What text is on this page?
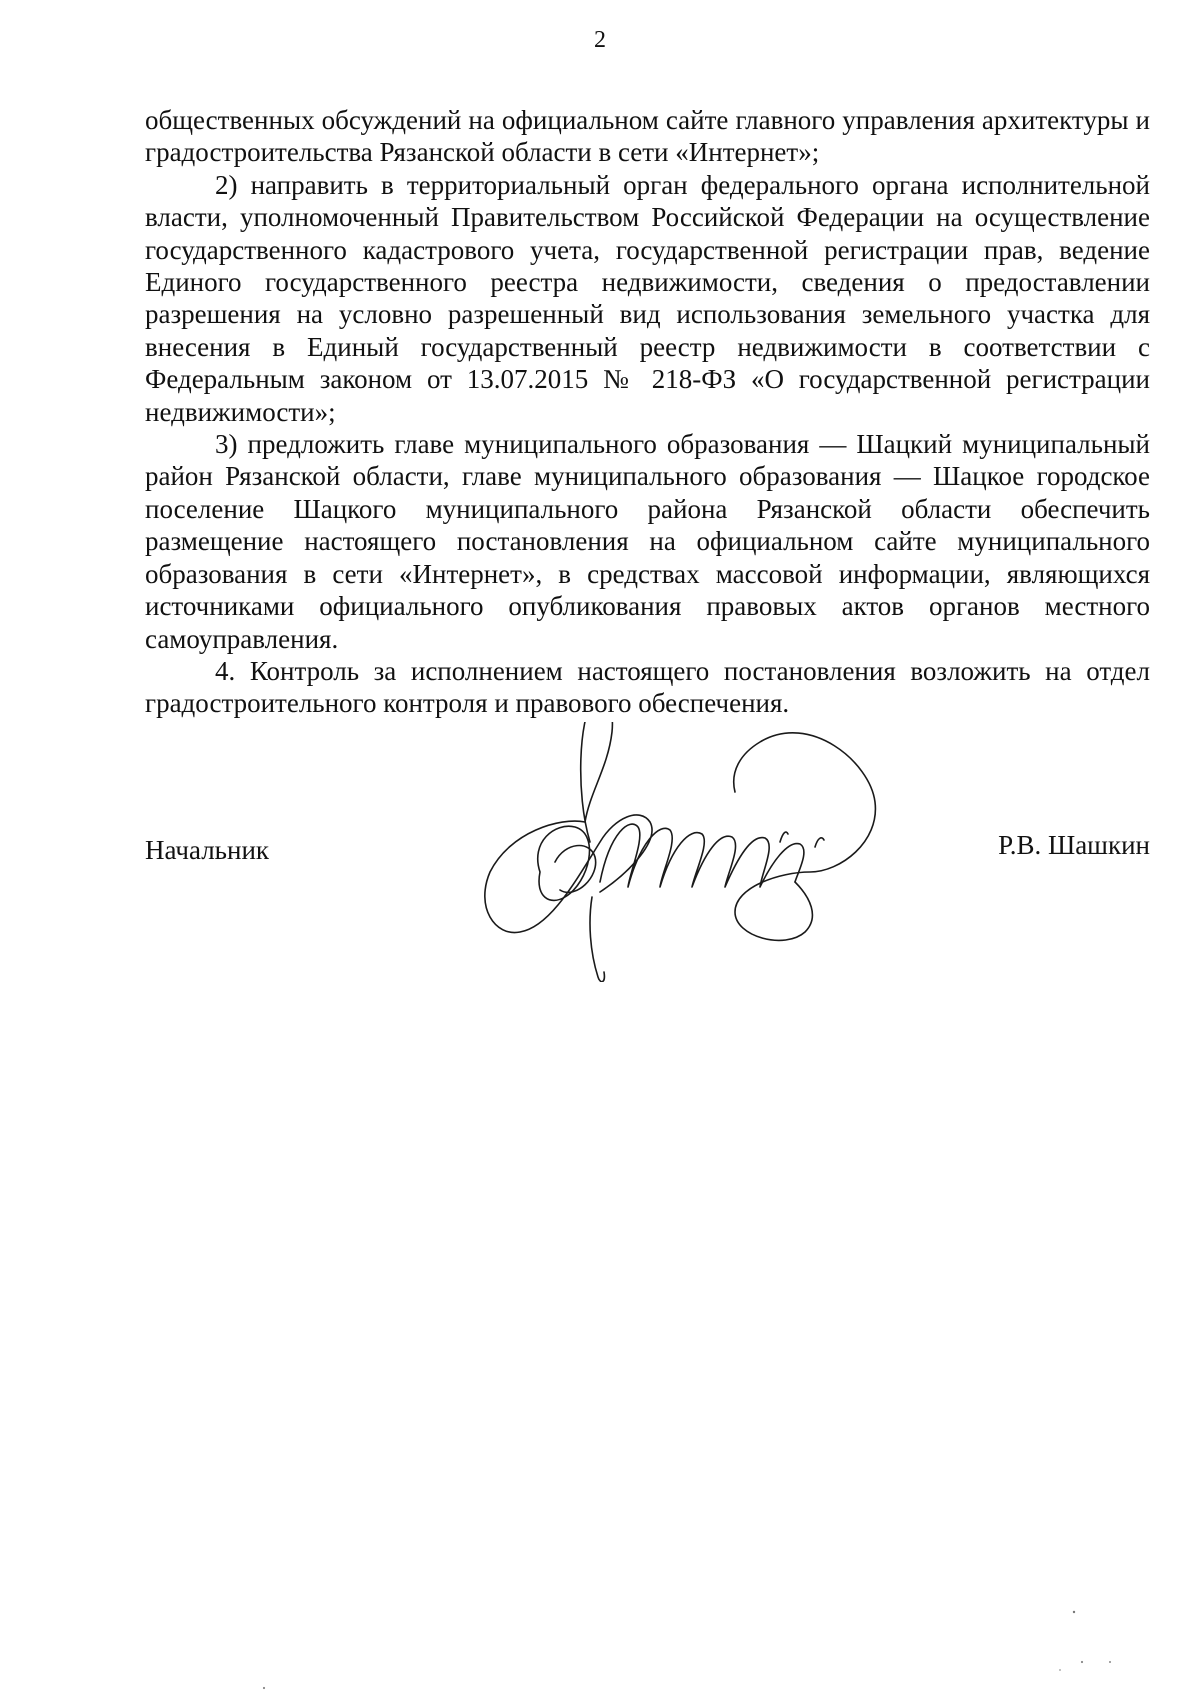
2

общественных обсуждений на официальном сайте главного управления архитектуры и градостроительства Рязанской области в сети «Интернет»;

2) направить в территориальный орган федерального органа исполнительной власти, уполномоченный Правительством Российской Федерации на осуществление государственного кадастрового учета, государственной регистрации прав, ведение Единого государственного реестра недвижимости, сведения о предоставлении разрешения на условно разрешенный вид использования земельного участка для внесения в Единый государственный реестр недвижимости в соответствии с Федеральным законом от 13.07.2015 № 218-ФЗ «О государственной регистрации недвижимости»;

3) предложить главе муниципального образования — Шацкий муниципальный район Рязанской области, главе муниципального образования — Шацкое городское поселение Шацкого муниципального района Рязанской области обеспечить размещение настоящего постановления на официальном сайте муниципального образования в сети «Интернет», в средствах массовой информации, являющихся источниками официального опубликования правовых актов органов местного самоуправления.

4. Контроль за исполнением настоящего постановления возложить на отдел градостроительного контроля и правового обеспечения.

Начальник	Р.В. Шашкин
